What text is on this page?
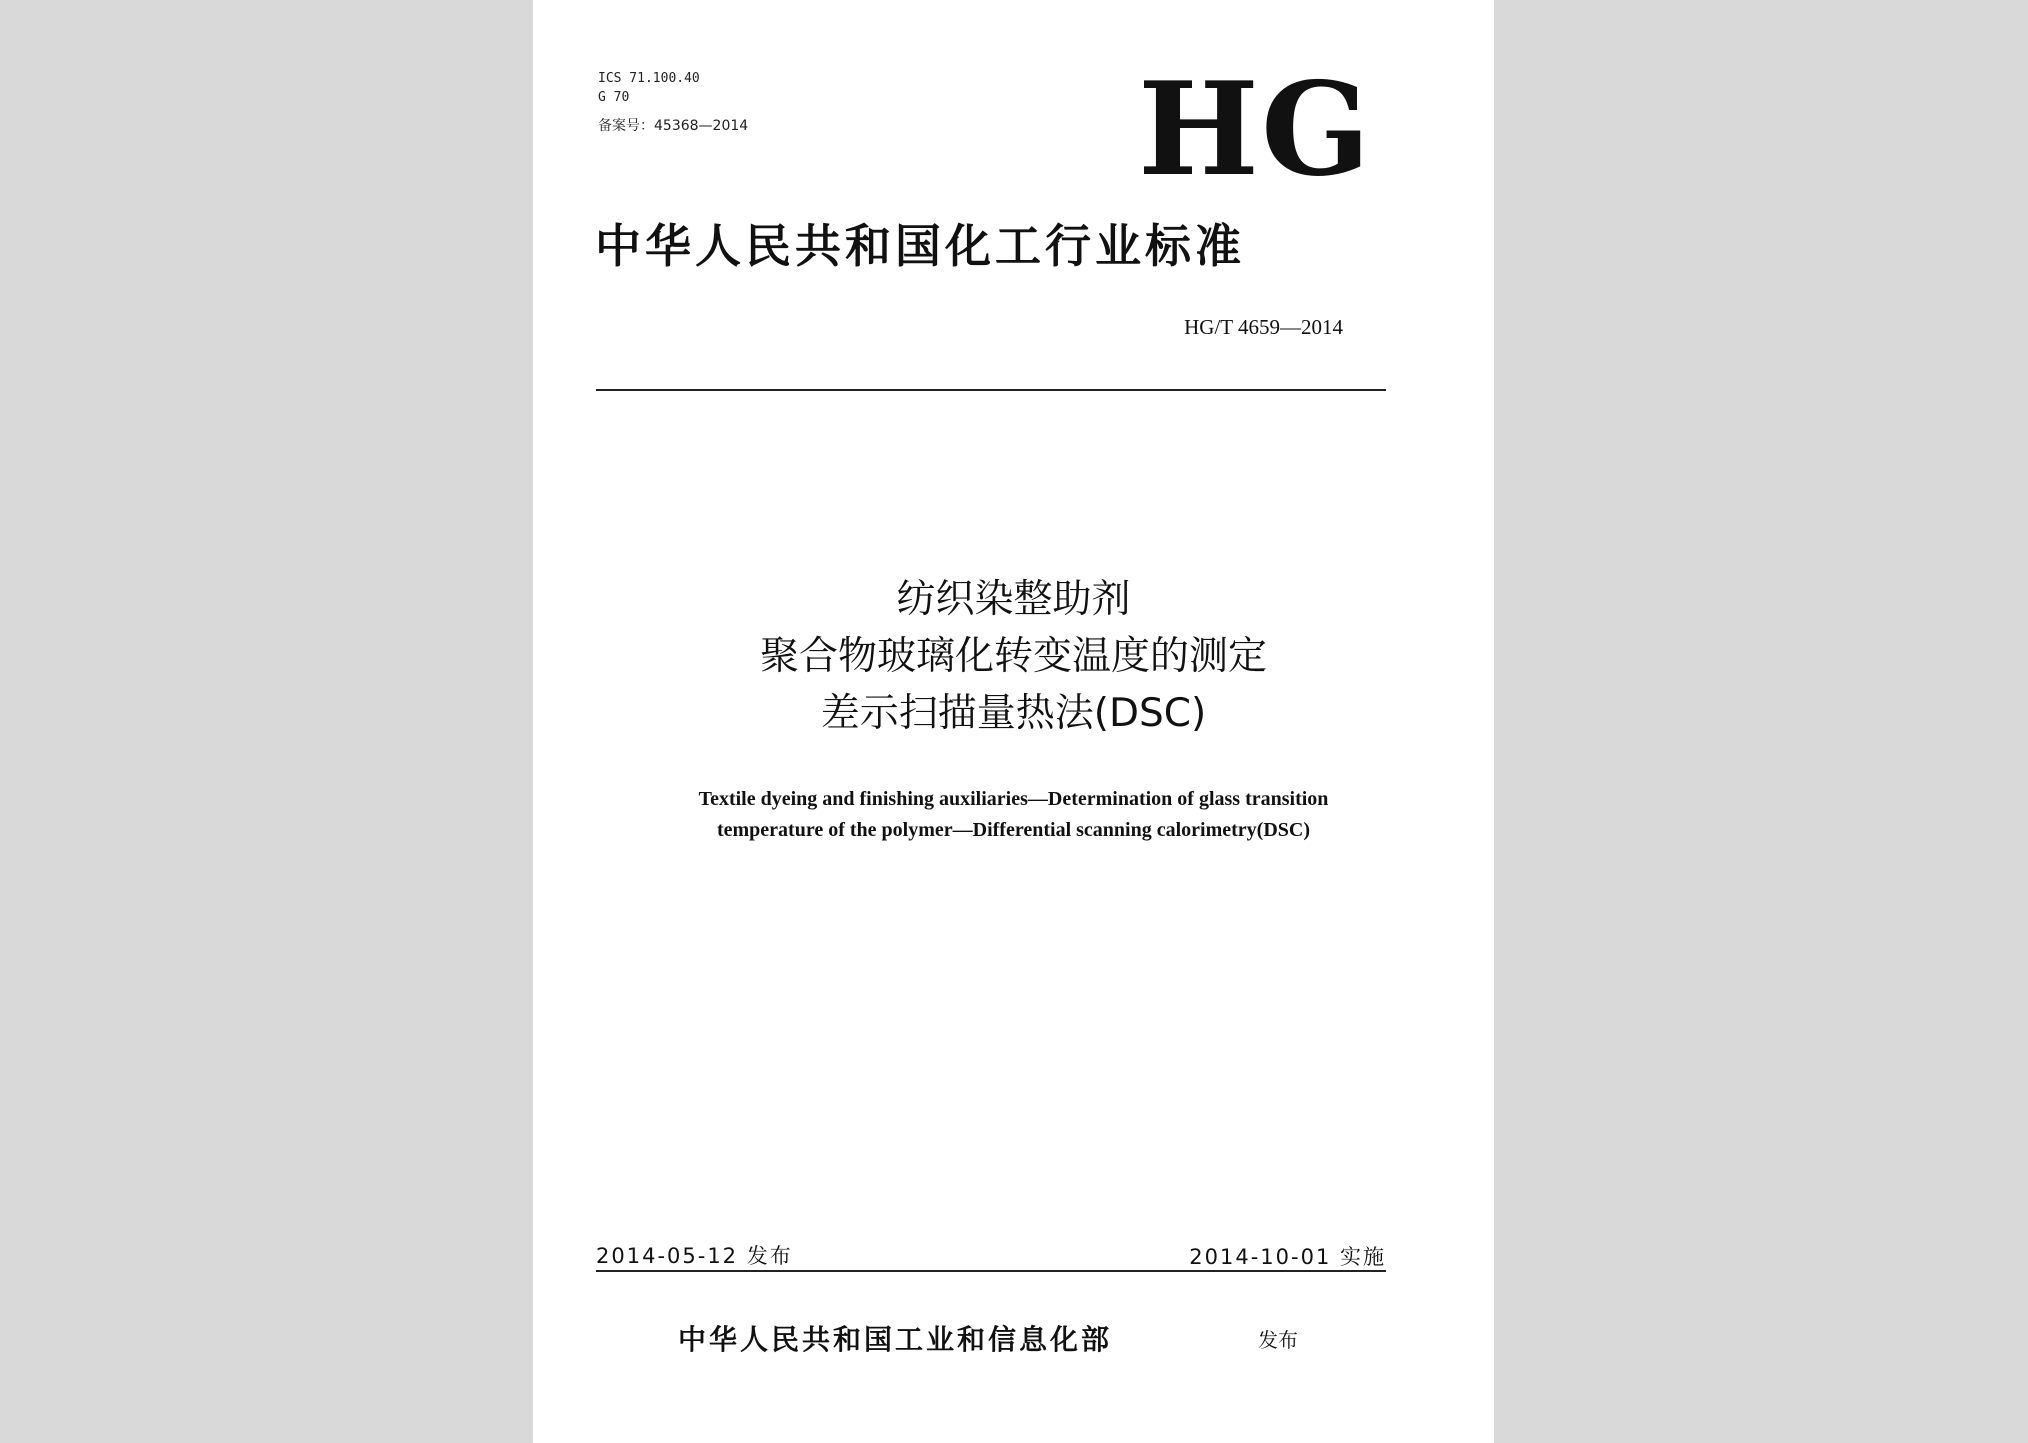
ICS 71.100.40
G 70
备案号：45368—2014	HG
中华人民共和国化工行业标准
HG/T 4659—2014
纺织染整助剂
聚合物玻璃化转变温度的测定
差示扫描量热法(DSC)
Textile dyeing and finishing auxiliaries—Determination of glass transition
temperature of the polymer—Differential scanning calorimetry(DSC)
2014-05-12 发布	2014-10-01 实施
中华人民共和国工业和信息化部	发布
